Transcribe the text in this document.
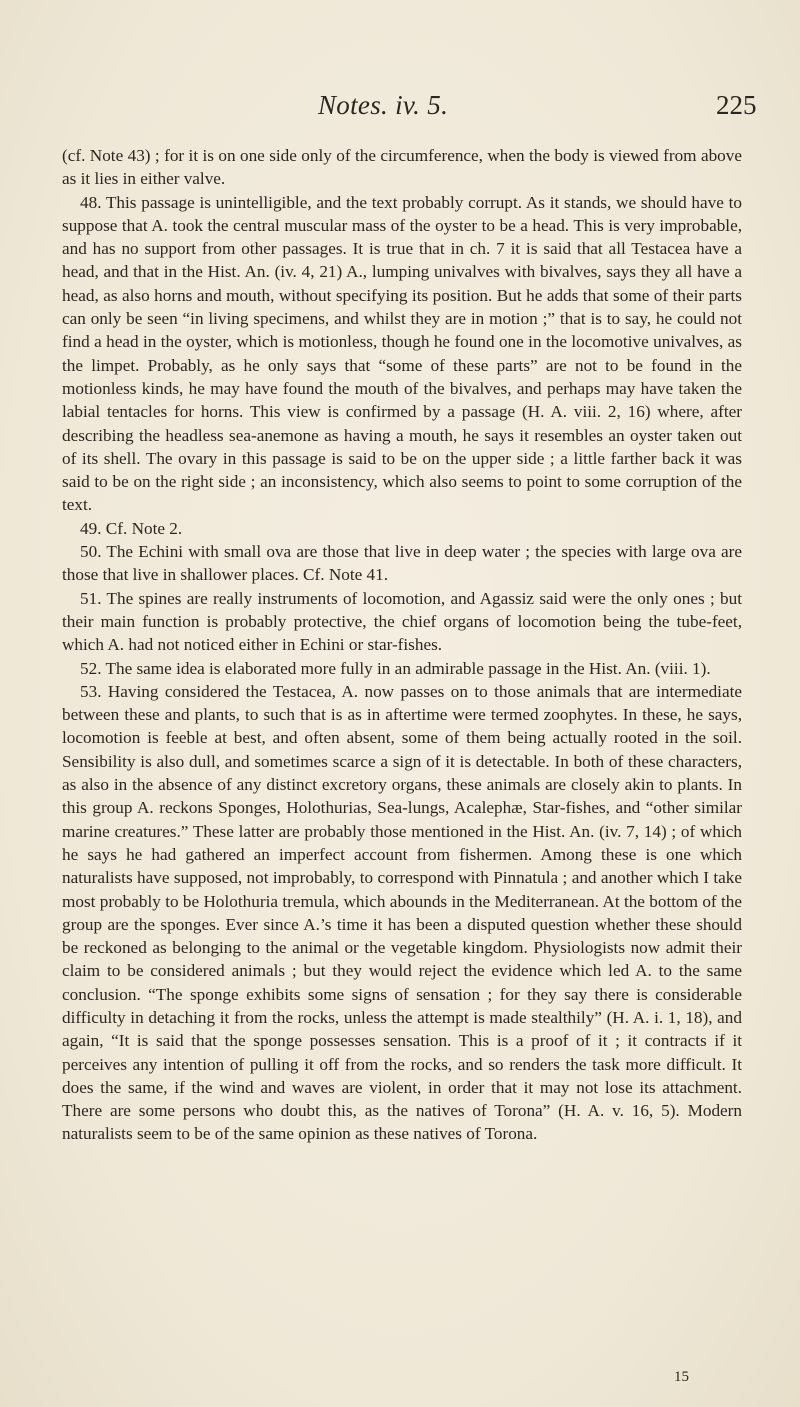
Notes. iv. 5.	225

(cf. Note 43) ; for it is on one side only of the circumference, when the body is viewed from above as it lies in either valve.

48. This passage is unintelligible, and the text probably corrupt. As it stands, we should have to suppose that A. took the central muscular mass of the oyster to be a head. This is very improbable, and has no support from other passages. It is true that in ch. 7 it is said that all Testacea have a head, and that in the Hist. An. (iv. 4, 21) A., lumping univalves with bivalves, says they all have a head, as also horns and mouth, without specifying its position. But he adds that some of their parts can only be seen “in living specimens, and whilst they are in motion ;” that is to say, he could not find a head in the oyster, which is motionless, though he found one in the locomotive univalves, as the limpet. Probably, as he only says that “some of these parts” are not to be found in the motionless kinds, he may have found the mouth of the bivalves, and perhaps may have taken the labial tentacles for horns. This view is confirmed by a passage (H. A. viii. 2, 16) where, after describing the headless sea-anemone as having a mouth, he says it resembles an oyster taken out of its shell. The ovary in this passage is said to be on the upper side ; a little farther back it was said to be on the right side ; an inconsistency, which also seems to point to some corruption of the text.

49. Cf. Note 2.

50. The Echini with small ova are those that live in deep water ; the species with large ova are those that live in shallower places. Cf. Note 41.

51. The spines are really instruments of locomotion, and Agassiz said were the only ones ; but their main function is probably protective, the chief organs of locomotion being the tube-feet, which A. had not noticed either in Echini or star-fishes.

52. The same idea is elaborated more fully in an admirable passage in the Hist. An. (viii. 1).

53. Having considered the Testacea, A. now passes on to those animals that are intermediate between these and plants, to such that is as in aftertime were termed zoophytes. In these, he says, locomotion is feeble at best, and often absent, some of them being actually rooted in the soil. Sensibility is also dull, and sometimes scarce a sign of it is detectable. In both of these characters, as also in the absence of any distinct excretory organs, these animals are closely akin to plants. In this group A. reckons Sponges, Holothurias, Sea-lungs, Acalephæ, Star-fishes, and “other similar marine creatures.” These latter are probably those mentioned in the Hist. An. (iv. 7, 14) ; of which he says he had gathered an imperfect account from fishermen. Among these is one which naturalists have supposed, not improbably, to correspond with Pinnatula ; and another which I take most probably to be Holothuria tremula, which abounds in the Mediterranean. At the bottom of the group are the sponges. Ever since A.’s time it has been a disputed question whether these should be reckoned as belonging to the animal or the vegetable kingdom. Physiologists now admit their claim to be considered animals ; but they would reject the evidence which led A. to the same conclusion. “The sponge exhibits some signs of sensation ; for they say there is considerable difficulty in detaching it from the rocks, unless the attempt is made stealthily” (H. A. i. 1, 18), and again, “It is said that the sponge possesses sensation. This is a proof of it ; it contracts if it perceives any intention of pulling it off from the rocks, and so renders the task more difficult. It does the same, if the wind and waves are violent, in order that it may not lose its attachment. There are some persons who doubt this, as the natives of Torona” (H. A. v. 16, 5). Modern naturalists seem to be of the same opinion as these natives of Torona.

15
